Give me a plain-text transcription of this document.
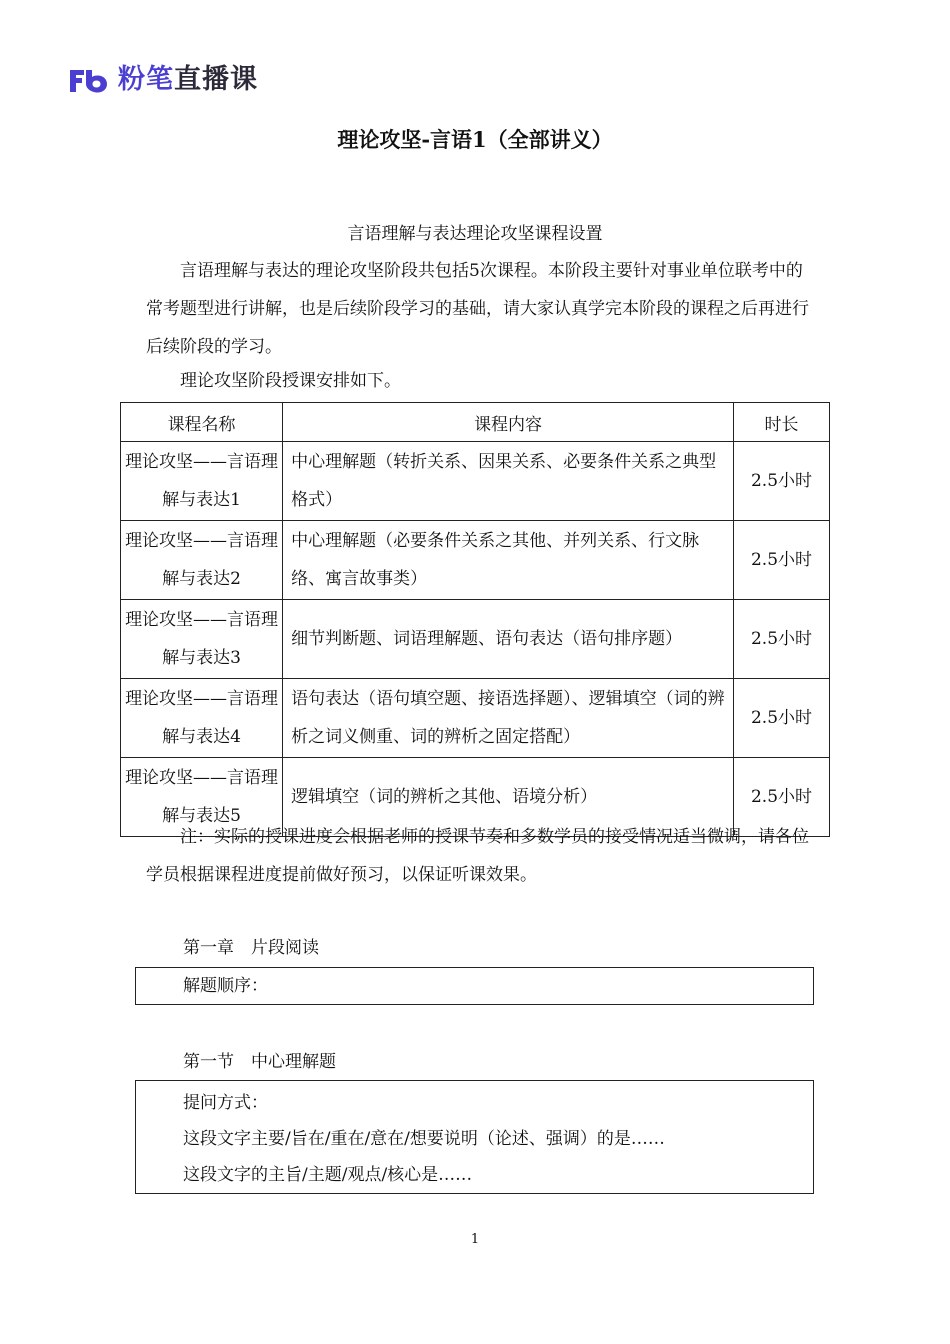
粉笔直播课
理论攻坚-言语1（全部讲义）
言语理解与表达理论攻坚课程设置
言语理解与表达的理论攻坚阶段共包括5次课程。本阶段主要针对事业单位联考中的常考题型进行讲解，也是后续阶段学习的基础，请大家认真学完本阶段的课程之后再进行后续阶段的学习。
理论攻坚阶段授课安排如下。
课程名称	课程内容	时长
理论攻坚——言语理解与表达1	中心理解题（转折关系、因果关系、必要条件关系之典型格式）	2.5小时
理论攻坚——言语理解与表达2	中心理解题（必要条件关系之其他、并列关系、行文脉络、寓言故事类）	2.5小时
理论攻坚——言语理解与表达3	细节判断题、词语理解题、语句表达（语句排序题）	2.5小时
理论攻坚——言语理解与表达4	语句表达（语句填空题、接语选择题）、逻辑填空（词的辨析之词义侧重、词的辨析之固定搭配）	2.5小时
理论攻坚——言语理解与表达5	逻辑填空（词的辨析之其他、语境分析）	2.5小时
注：实际的授课进度会根据老师的授课节奏和多数学员的接受情况适当微调，请各位学员根据课程进度提前做好预习，以保证听课效果。
第一章　片段阅读
解题顺序：
第一节　中心理解题
提问方式：
这段文字主要/旨在/重在/意在/想要说明（论述、强调）的是……
这段文字的主旨/主题/观点/核心是……
1
